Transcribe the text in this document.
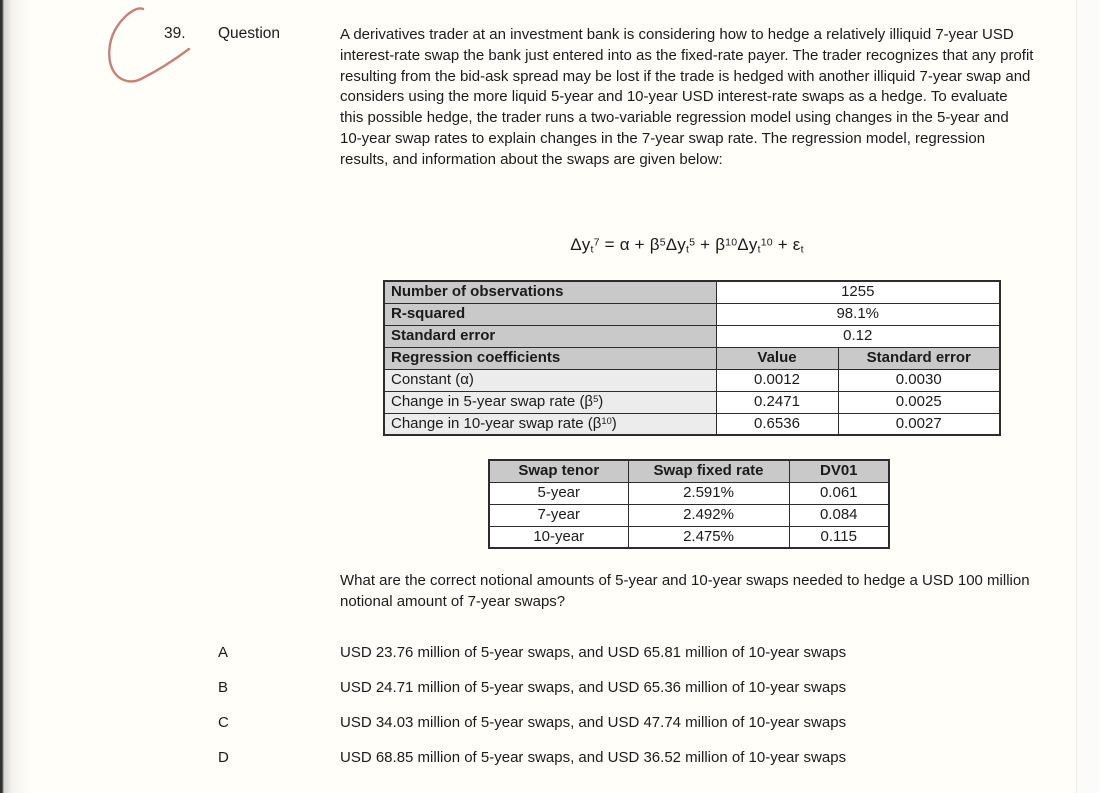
39. Question	A derivatives trader at an investment bank is considering how to hedge a relatively illiquid 7-year USD interest-rate swap the bank just entered into as the fixed-rate payer. The trader recognizes that any profit resulting from the bid-ask spread may be lost if the trade is hedged with another illiquid 7-year swap and considers using the more liquid 5-year and 10-year USD interest-rate swaps as a hedge. To evaluate this possible hedge, the trader runs a two-variable regression model using changes in the 5-year and 10-year swap rates to explain changes in the 7-year swap rate. The regression model, regression results, and information about the swaps are given below:
$\Delta y_t^7 = \alpha + \beta^5\Delta y_t^5 + \beta^{10}\Delta y_t^{10} + \varepsilon_t$
Number of observations	1255	
R-squared	98.1%	
Standard error	0.12	
Regression coefficients	Value	Standard error
Constant (α)	0.0012	0.0030
Change in 5-year swap rate $(\beta^5)$	0.2471	0.0025
Change in 10-year swap rate $(\beta^{10})$	0.6536	0.0027
Swap tenor	Swap fixed rate	DV01
5-year	2.591%	0.061
7-year	2.492%	0.084
10-year	2.475%	0.115
What are the correct notional amounts of 5-year and 10-year swaps needed to hedge a USD 100 million notional amount of 7-year swaps?
A	USD 23.76 million of 5-year swaps, and USD 65.81 million of 10-year swaps
B	USD 24.71 million of 5-year swaps, and USD 65.36 million of 10-year swaps
C	USD 34.03 million of 5-year swaps, and USD 47.74 million of 10-year swaps
D	USD 68.85 million of 5-year swaps, and USD 36.52 million of 10-year swaps
